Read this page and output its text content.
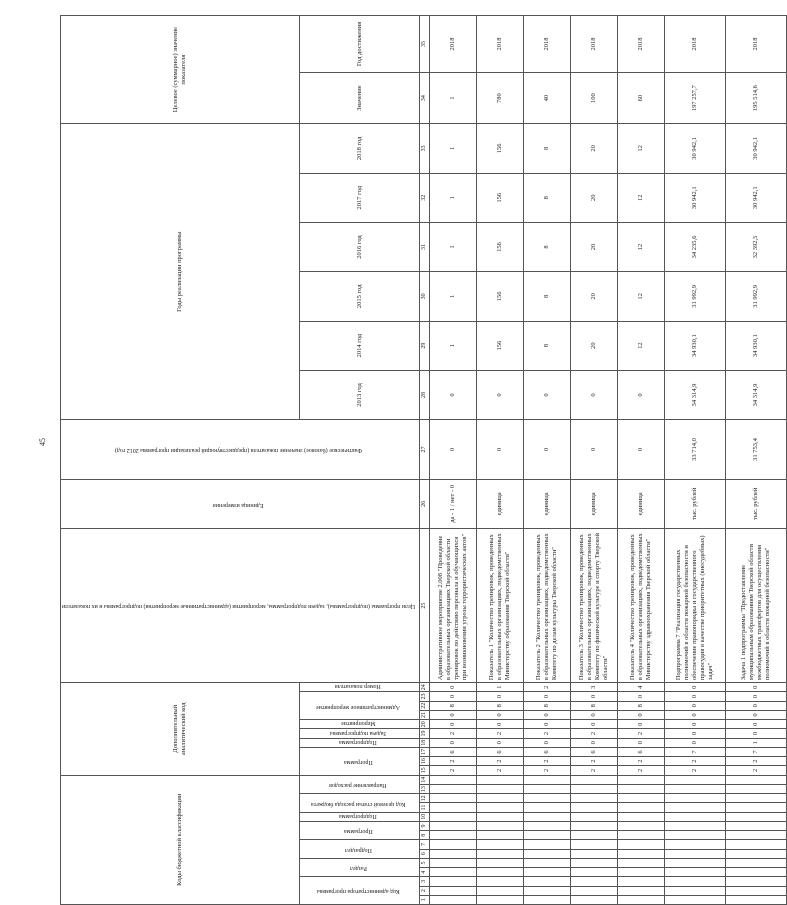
45
Коды бюджетной классификации														Дополнительный аналитический код										Цели программы (подпрограммы), задачи подпрограммы, мероприятия (административные мероприятия) подпрограммы и их показатели	Единица измерения	Фактическое (базовое) значение показателя (предшествующий реализации программы 2012 год)	Годы реализации программы						Целевое (суммарное) значение показателя	
Код администратора программы			Раздел		Подраздел		Программа		Подпрограмма	Код целевой статьи расхода бюджета		Направление расходов		Программа			Подпрограмма	Задача подпрограммы	Мероприятие	Административное мероприятие			Номер показателя				2013 год	2014 год	2015 год	2016 год	2017 год	2018 год	Значение	Год достижения
1	2	3	4	5	6	7	8	9	10	11	12	13	14	15	16	17	18	19	20	21	22	23	24	25	26	27	28	29	30	31	32	33	34	35
														2	2	6	0	2	0	0	8	0	0	Административное мероприятие 2.008 "Проведение в образовательных организациях Тверской области тренировок по действию персонала и обучающихся при возникновении угрозы террористических актов"	да - 1 / нет - 0	0	0	1	1	1	1	1	1	2018
														2	2	6	0	2	0	0	8	0	1	Показатель 1 "Количество тренировок, проведенных в образовательных организациях, подведомственных Министерству образования Тверской области"	единица	0	0	156	156	156	156	156	780	2018
														2	2	6	0	2	0	0	8	0	2	Показатель 2 "Количество тренировок, проведенных в образовательных организациях, подведомственных Комитету по делам культуры Тверской области"	единица	0	0	8	8	8	8	8	40	2018
														2	2	6	0	2	0	0	8	0	3	Показатель 3 "Количество тренировок, проведенных в образовательных организациях, подведомственных Комитету по физической культуре и спорту Тверской области"	единица	0	0	20	20	20	20	20	100	2018
														2	2	6	0	2	0	0	8	0	4	Показатель 4 "Количество тренировок, проведенных в образовательных организациях, подведомственных Министерству здравоохранения Тверской области"	единица	0	0	12	12	12	12	12	60	2018
														2	2	7	0	0	0	0	0	0	0	Подпрограмма 7 "Реализация государственных полномочий в области пожарной безопасности и обеспечение правопорядка и государственного правосудия в качестве приоритетных (внесудебных) задач"	тыс. рублей	33 714,0	34 314,9	34 930,1	31 992,9	34 235,6	30 942,1	30 942,1	197 257,7	2018
														2	2	7	1	0	0	0	0	0	0	Задача 1 подпрограммы "Предоставление муниципальным образованиям Тверской области межбюджетных трансфертов для осуществления полномочий в области пожарной безопасности"	тыс. рублей	31 753,4	34 314,9	34 930,1	31 992,9	32 392,5	30 942,1	30 942,1	195 514,6	2018
